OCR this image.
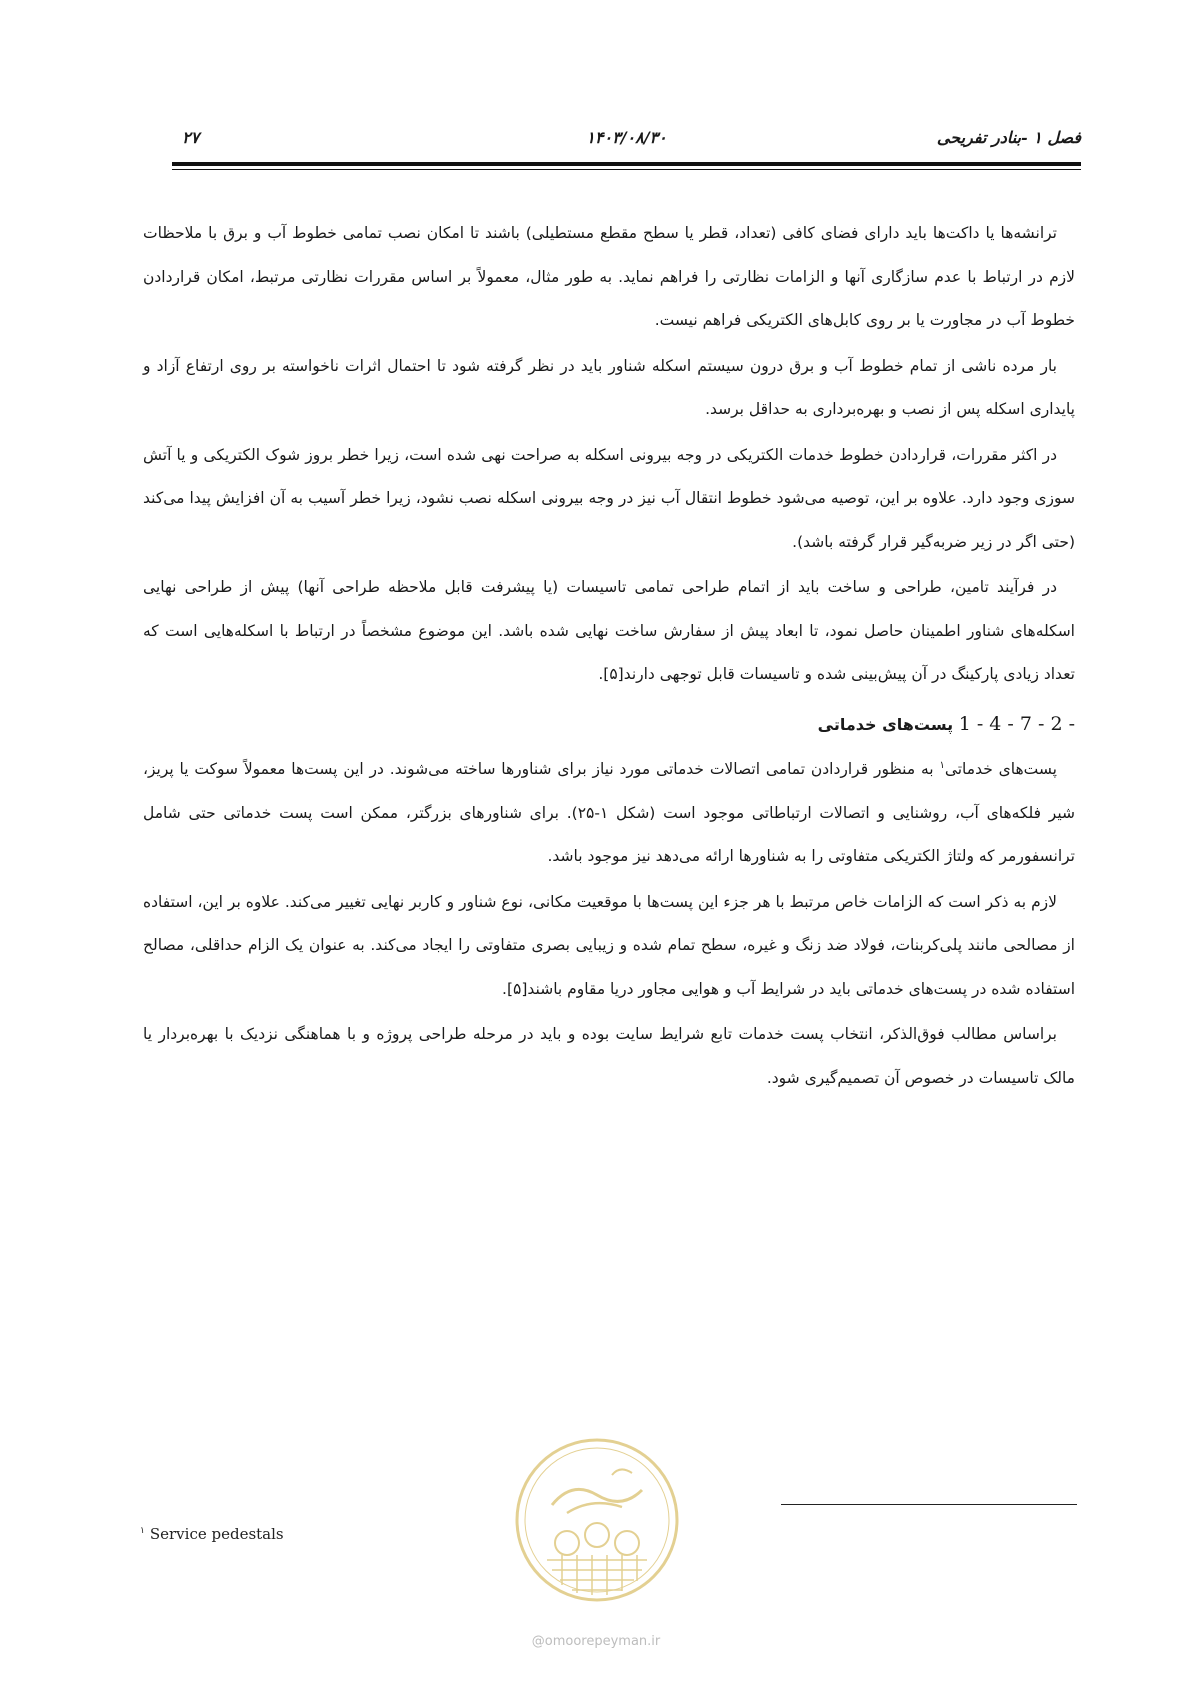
فصل ۱ -بنادر تفریحی
۱۴۰۳/۰۸/۳۰
۲۷

ترانشه‌ها یا داکت‌ها باید دارای فضای کافی (تعداد، قطر یا سطح مقطع مستطیلی) باشند تا امکان نصب تمامی خطوط آب و برق با ملاحظات لازم در ارتباط با عدم سازگاری آنها و الزامات نظارتی را فراهم نماید. به طور مثال، معمولاً بر اساس مقررات نظارتی مرتبط، امکان قراردادن خطوط آب در مجاورت یا بر روی کابل‌های الکتریکی فراهم نیست.

بار مرده ناشی از تمام خطوط آب و برق درون سیستم اسکله شناور باید در نظر گرفته شود تا احتمال اثرات ناخواسته بر روی ارتفاع آزاد و پایداری اسکله پس از نصب و بهره‌برداری به حداقل برسد.

در اکثر مقررات، قراردادن خطوط خدمات الکتریکی در وجه بیرونی اسکله به صراحت نهی شده است، زیرا خطر بروز شوک الکتریکی و یا آتش سوزی وجود دارد. علاوه بر این، توصیه می‌شود خطوط انتقال آب نیز در وجه بیرونی اسکله نصب نشود، زیرا خطر آسیب به آن افزایش پیدا می‌کند (حتی اگر در زیر ضربه‌گیر قرار گرفته باشد).

در فرآیند تامین، طراحی و ساخت باید از اتمام طراحی تمامی تاسیسات (یا پیشرفت قابل ملاحظه طراحی آنها) پیش از طراحی نهایی اسکله‌های شناور اطمینان حاصل نمود، تا ابعاد پیش از سفارش ساخت نهایی شده باشد. این موضوع مشخصاً در ارتباط با اسکله‌هایی است که تعداد زیادی پارکینگ در آن پیش‌بینی شده و تاسیسات قابل توجهی دارند[۵].

1 - 4 - 7 - 2 - پست‌های خدماتی

پست‌های خدماتی$^۱$ به منظور قراردادن تمامی اتصالات خدماتی مورد نیاز برای شناورها ساخته می‌شوند. در این پست‌ها معمولاً سوکت یا پریز، شیر فلکه‌های آب، روشنایی و اتصالات ارتباطاتی موجود است (شکل ۱-۲۵). برای شناورهای بزرگتر، ممکن است پست خدماتی حتی شامل ترانسفورمر که ولتاژ الکتریکی متفاوتی را به شناورها ارائه می‌دهد نیز موجود باشد.

لازم به ذکر است که الزامات خاص مرتبط با هر جزء این پست‌ها با موقعیت مکانی، نوع شناور و کاربر نهایی تغییر می‌کند. علاوه بر این، استفاده از مصالحی مانند پلی‌کربنات، فولاد ضد زنگ و غیره، سطح تمام شده و زیبایی بصری متفاوتی را ایجاد می‌کند. به عنوان یک الزام حداقلی، مصالح استفاده شده در پست‌های خدماتی باید در شرایط آب و هوایی مجاور دریا مقاوم باشند[۵].

براساس مطالب فوق‌الذکر، انتخاب پست خدمات تابع شرایط سایت بوده و باید در مرحله طراحی پروژه و با هماهنگی نزدیک با بهره‌بردار یا مالک تاسیسات در خصوص آن تصمیم‌گیری شود.

$^۱$ Service pedestals
@omoorepeyman.ir
